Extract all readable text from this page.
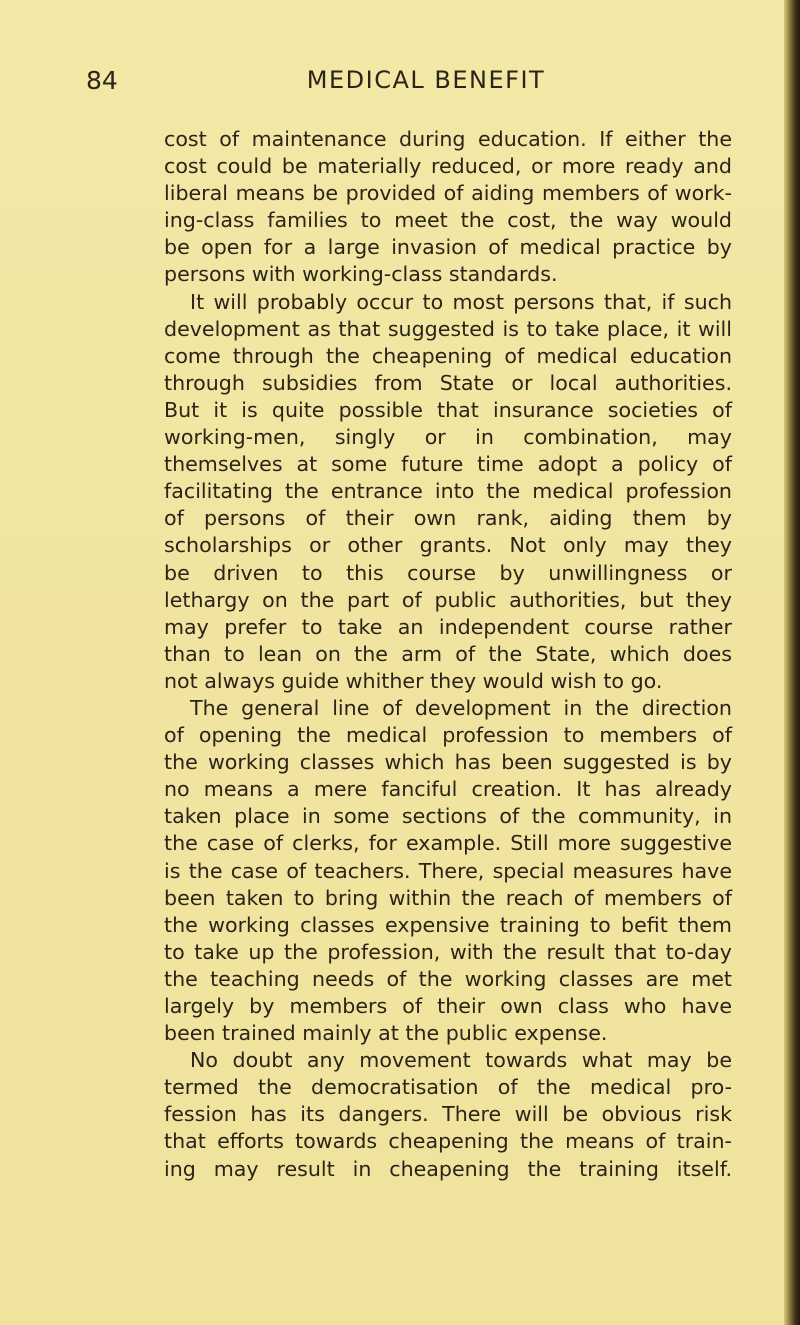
84	MEDICAL BENEFIT
cost of maintenance during education. If either the
cost could be materially reduced, or more ready and
liberal means be provided of aiding members of work-
ing-class families to meet the cost, the way would
be open for a large invasion of medical practice by
persons with working-class standards.
It will probably occur to most persons that, if such
development as that suggested is to take place, it will
come through the cheapening of medical education
through subsidies from State or local authorities.
But it is quite possible that insurance societies of
working-men, singly or in combination, may
themselves at some future time adopt a policy of
facilitating the entrance into the medical profession
of persons of their own rank, aiding them by
scholarships or other grants. Not only may they
be driven to this course by unwillingness or
lethargy on the part of public authorities, but they
may prefer to take an independent course rather
than to lean on the arm of the State, which does
not always guide whither they would wish to go.
The general line of development in the direction
of opening the medical profession to members of
the working classes which has been suggested is by
no means a mere fanciful creation. It has already
taken place in some sections of the community, in
the case of clerks, for example. Still more suggestive
is the case of teachers. There, special measures have
been taken to bring within the reach of members of
the working classes expensive training to befit them
to take up the profession, with the result that to-day
the teaching needs of the working classes are met
largely by members of their own class who have
been trained mainly at the public expense.
No doubt any movement towards what may be
termed the democratisation of the medical pro-
fession has its dangers. There will be obvious risk
that efforts towards cheapening the means of train-
ing may result in cheapening the training itself.
